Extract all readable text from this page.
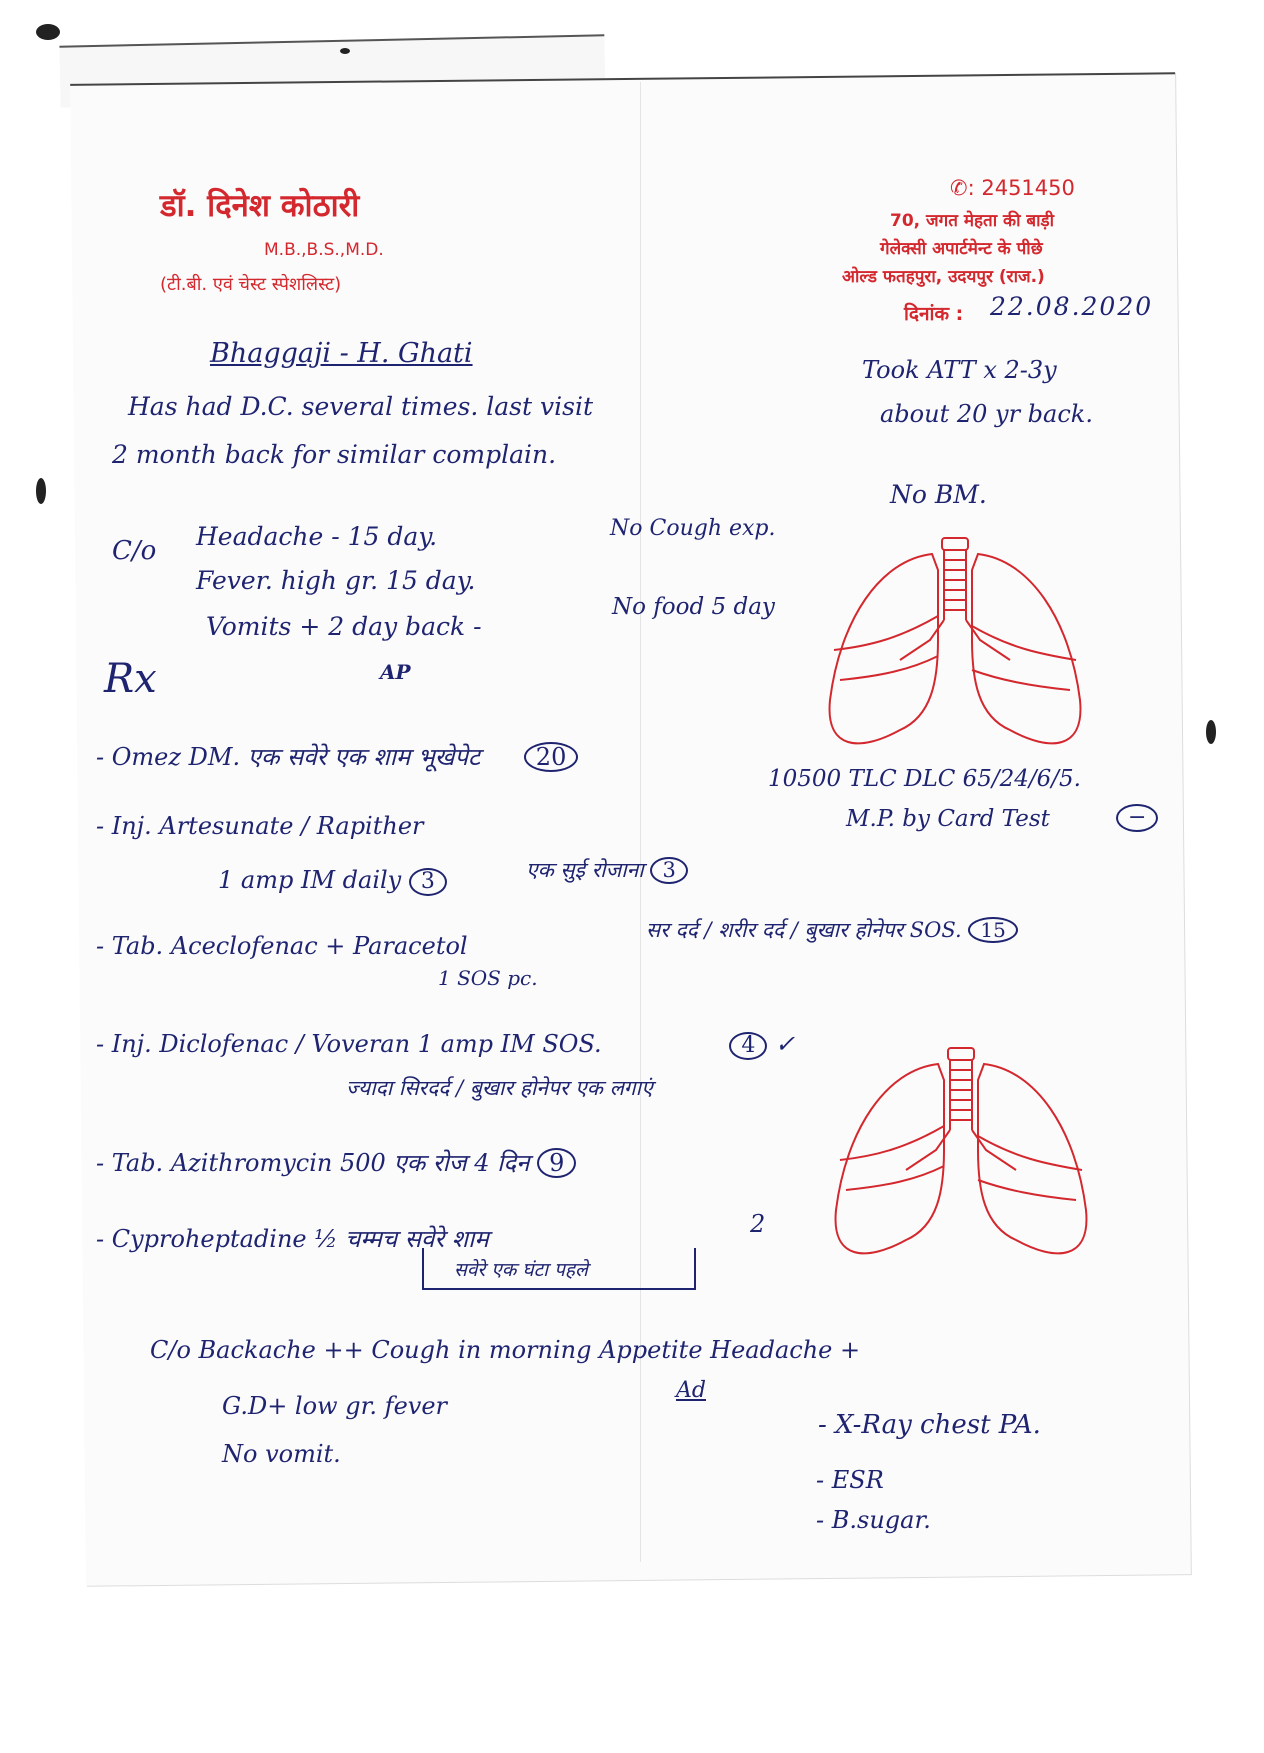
डॉ. दिनेश कोठारी
M.B.,B.S.,M.D.
(टी.बी. एवं चेस्ट स्पेशलिस्ट)
✆: 2451450
70, जगत मेहता की बाड़ी
गेलेक्सी अपार्टमेन्ट के पीछे
ओल्ड फतहपुरा, उदयपुर (राज.)
दिनांक : 22.08.2020
Bhaggaji - H. Ghati
Has had D.C. several times. last visit
2 month back for similar complain.
Took ATT x 2-3y
about 20 yr back.
No BM.
C/o Headache - 15 day.
Fever. high gr. 15 day.
Vomits + 2 day back -
No Cough exp.
No food 5 day
AP
Rx
10500 TLC DLC 65/24/6/5.
M.P. by Card Test	−
- Omez DM. एक सवेरे एक शाम भूखेपेट 20
- Inj. Artesunate / Rapither
1 amp IM daily 3	एक सुई रोजाना 3
- Tab. Aceclofenac + Paracetol
1 SOS pc.
सर दर्द / शरीर दर्द / बुखार होनेपर SOS. 15
- Inj. Diclofenac / Voveran 1 amp IM SOS.	4 ✓
ज्यादा सिरदर्द / बुखार होनेपर एक लगाएं
- Tab. Azithromycin 500 एक रोज 4 दिन 9
- Cyproheptadine ½ चम्मच सवेरे शाम
2
सवेरे एक घंटा पहले
C/o Backache ++ Cough in morning Appetite Headache +
G.D+ low gr. fever
Ad
No vomit.
- X-Ray chest PA.
- ESR
- B.sugar.
